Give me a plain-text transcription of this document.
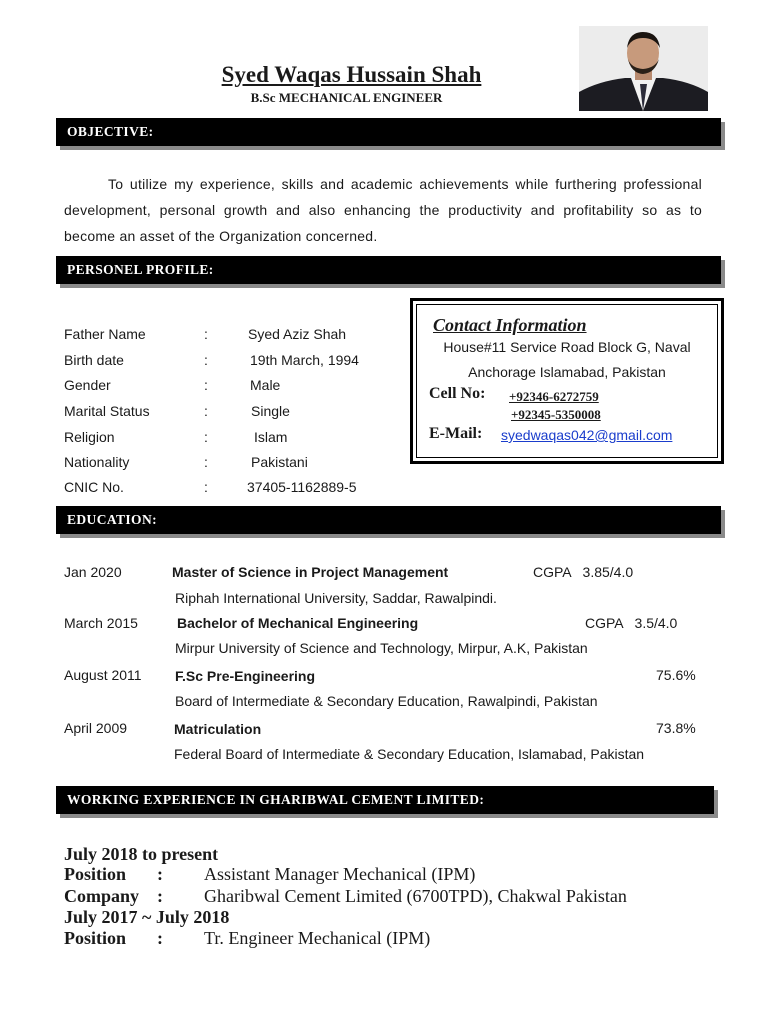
Syed Waqas Hussain Shah
B.Sc MECHANICAL ENGINEER
OBJECTIVE:
To utilize my experience, skills and academic achievements while furthering professional development, personal growth and also enhancing the productivity and profitability so as to become an asset of the Organization concerned.
PERSONEL PROFILE:
Father Name	:	Syed Aziz Shah
Birth date	:	19th March, 1994
Gender	:	Male
Marital Status	:	Single
Religion	:	Islam
Nationality	:	Pakistani
CNIC No.	:	37405-1162889-5
Contact Information
House#11 Service Road Block G, Naval
Anchorage Islamabad, Pakistan
Cell No: +92346-6272759
+92345-5350008
E-Mail: syedwaqas042@gmail.com
EDUCATION:
Jan 2020	Master of Science in Project Management	CGPA   3.85/4.0
Riphah International University, Saddar, Rawalpindi.
March 2015	Bachelor of Mechanical Engineering	CGPA   3.5/4.0
Mirpur University of Science and Technology, Mirpur, A.K, Pakistan
August 2011 F.Sc Pre-Engineering	75.6%
Board of Intermediate & Secondary Education, Rawalpindi, Pakistan
April 2009	Matriculation	73.8%
Federal Board of Intermediate & Secondary Education, Islamabad, Pakistan
WORKING EXPERIENCE IN GHARIBWAL CEMENT LIMITED:
July 2018 to present
Position : Assistant Manager Mechanical (IPM)
Company : Gharibwal Cement Limited (6700TPD), Chakwal Pakistan
July 2017 ~ July 2018
Position : Tr. Engineer Mechanical (IPM)
